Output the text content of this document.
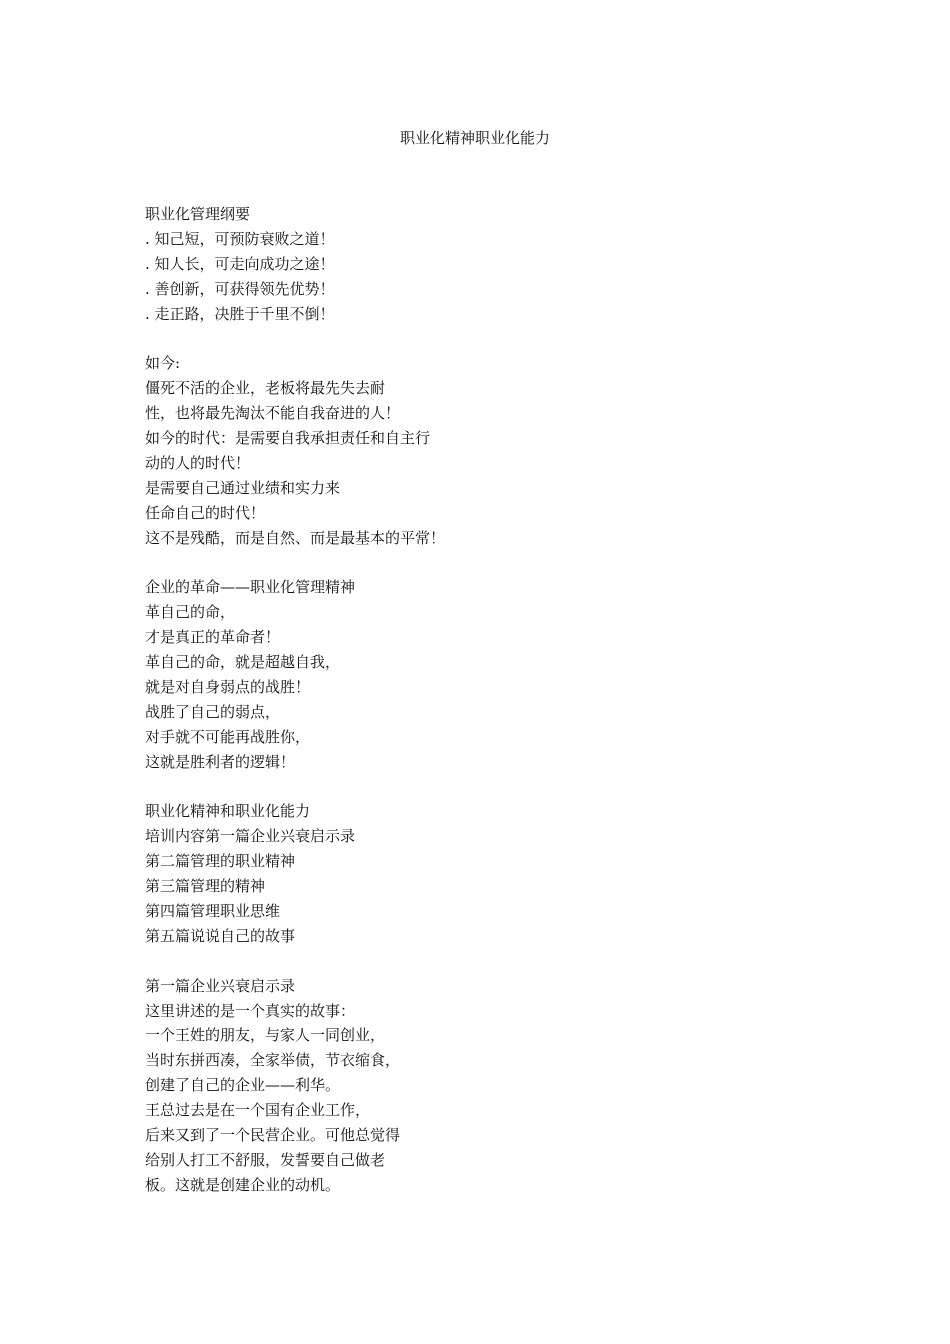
职业化精神职业化能力
职业化管理纲要
. 知己短，可预防衰败之道！
. 知人长，可走向成功之途！
. 善创新，可获得领先优势！
. 走正路，决胜于千里不倒！
如今:
僵死不活的企业，老板将最先失去耐
性，也将最先淘汰不能自我奋进的人！
如今的时代：是需要自我承担责任和自主行
动的人的时代！
是需要自己通过业绩和实力来
任命自己的时代！
这不是残酷，而是自然、而是最基本的平常！
企业的革命——职业化管理精神
革自己的命，
才是真正的革命者！
革自己的命，就是超越自我，
就是对自身弱点的战胜！
战胜了自己的弱点，
对手就不可能再战胜你，
这就是胜利者的逻辑！
职业化精神和职业化能力
培训内容第一篇企业兴衰启示录
第二篇管理的职业精神
第三篇管理的精神
第四篇管理职业思维
第五篇说说自己的故事
第一篇企业兴衰启示录
这里讲述的是一个真实的故事：
一个王姓的朋友，与家人一同创业，
当时东拼西凑，全家举债，节衣缩食，
创建了自己的企业——利华。
王总过去是在一个国有企业工作，
后来又到了一个民营企业。可他总觉得
给别人打工不舒服，发誓要自己做老
板。这就是创建企业的动机。
